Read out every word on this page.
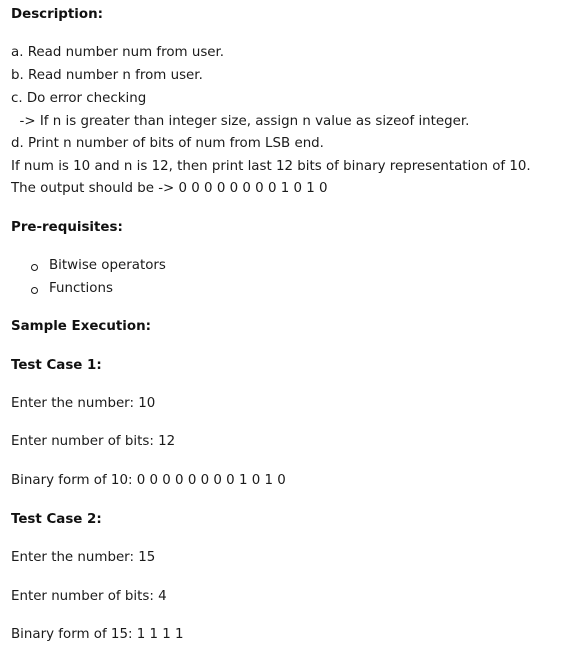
Description:
a. Read number num from user.
b. Read number n from user.
c. Do error checking
-> If n is greater than integer size, assign n value as sizeof integer.
d. Print n number of bits of num from LSB end.
If num is 10 and n is 12, then print last 12 bits of binary representation of 10.
The output should be -> 0 0 0 0 0 0 0 0 1 0 1 0
Pre-requisites:
Bitwise operators
Functions
Sample Execution:
Test Case 1:
Enter the number: 10
Enter number of bits: 12
Binary form of 10: 0 0 0 0 0 0 0 0 1 0 1 0
Test Case 2:
Enter the number: 15
Enter number of bits: 4
Binary form of 15: 1 1 1 1
